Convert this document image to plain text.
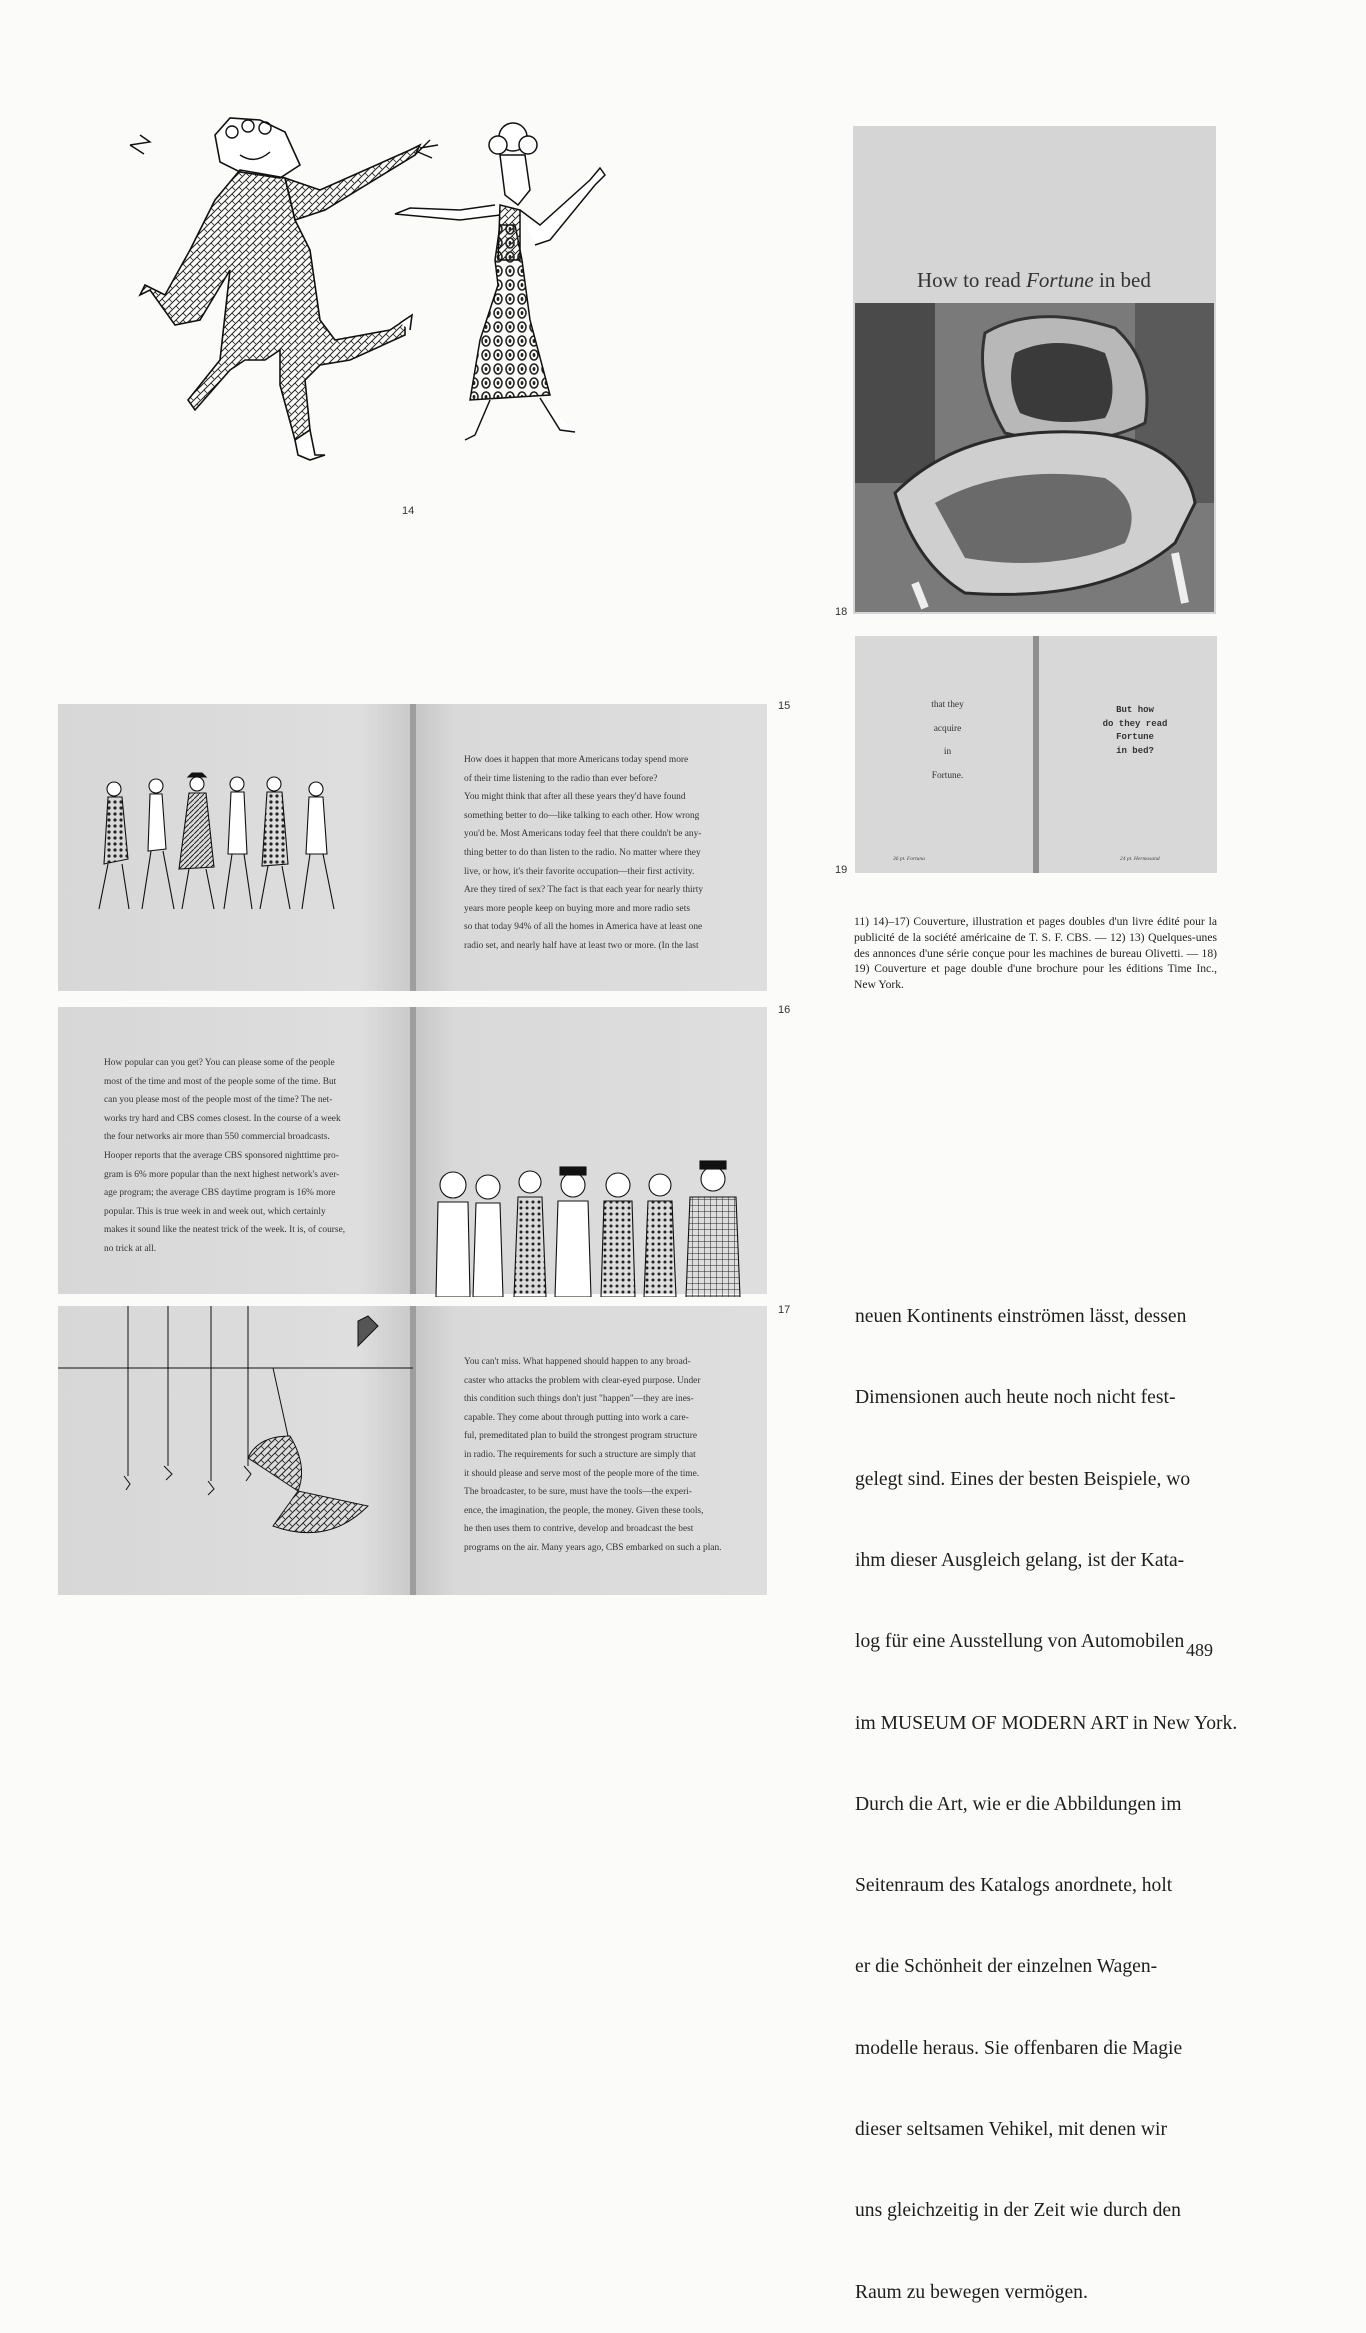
14
How to read Fortune in bed
18
that they
acquire
in
Fortune.
But how
do they read
Fortune
in bed?
36 pt. Fortuna	24 pt. Hermosand
19
11) 14)–17) Couverture, illustration et pages doubles d'un livre édité pour la publicité de la société américaine de T. S. F. CBS. — 12) 13) Quelques-unes des annonces d'une série conçue pour les machines de bureau Olivetti. — 18) 19) Couverture et page double d'une brochure pour les éditions Time Inc., New York.
How does it happen that more Americans today spend more
of their time listening to the radio than ever before?
You might think that after all these years they'd have found
something better to do—like talking to each other. How wrong
you'd be. Most Americans today feel that there couldn't be any-
thing better to do than listen to the radio. No matter where they
live, or how, it's their favorite occupation—their first activity.
Are they tired of sex? The fact is that each year for nearly thirty
years more people keep on buying more and more radio sets
so that today 94% of all the homes in America have at least one
radio set, and nearly half have at least two or more. (In the last
15
How popular can you get? You can please some of the people
most of the time and most of the people some of the time. But
can you please most of the people most of the time? The net-
works try hard and CBS comes closest. In the course of a week
the four networks air more than 550 commercial broadcasts.
Hooper reports that the average CBS sponsored nighttime pro-
gram is 6% more popular than the next highest network's aver-
age program; the average CBS daytime program is 16% more
popular. This is true week in and week out, which certainly
makes it sound like the neatest trick of the week. It is, of course,
no trick at all.
16
You can't miss. What happened should happen to any broad-
caster who attacks the problem with clear-eyed purpose. Under
this condition such things don't just "happen"—they are ines-
capable. They come about through putting into work a care-
ful, premeditated plan to build the strongest program structure
in radio. The requirements for such a structure are simply that
it should please and serve most of the people more of the time.
The broadcaster, to be sure, must have the tools—the experi-
ence, the imagination, the people, the money. Given these tools,
he then uses them to contrive, develop and broadcast the best
programs on the air. Many years ago, CBS embarked on such a plan.
17

	neuen Kontinents einströmen lässt, dessen

Dimensionen auch heute noch nicht fest-

gelegt sind. Eines der besten Beispiele, wo

ihm dieser Ausgleich gelang, ist der Kata-

log für eine Ausstellung von Automobilen

im MUSEUM OF MODERN ART in New York.

Durch die Art, wie er die Abbildungen im

Seitenraum des Katalogs anordnete, holt

er die Schönheit der einzelnen Wagen-

modelle heraus. Sie offenbaren die Magie

dieser seltsamen Vehikel, mit denen wir

uns gleichzeitig in der Zeit wie durch den

Raum zu bewegen vermögen.

489
